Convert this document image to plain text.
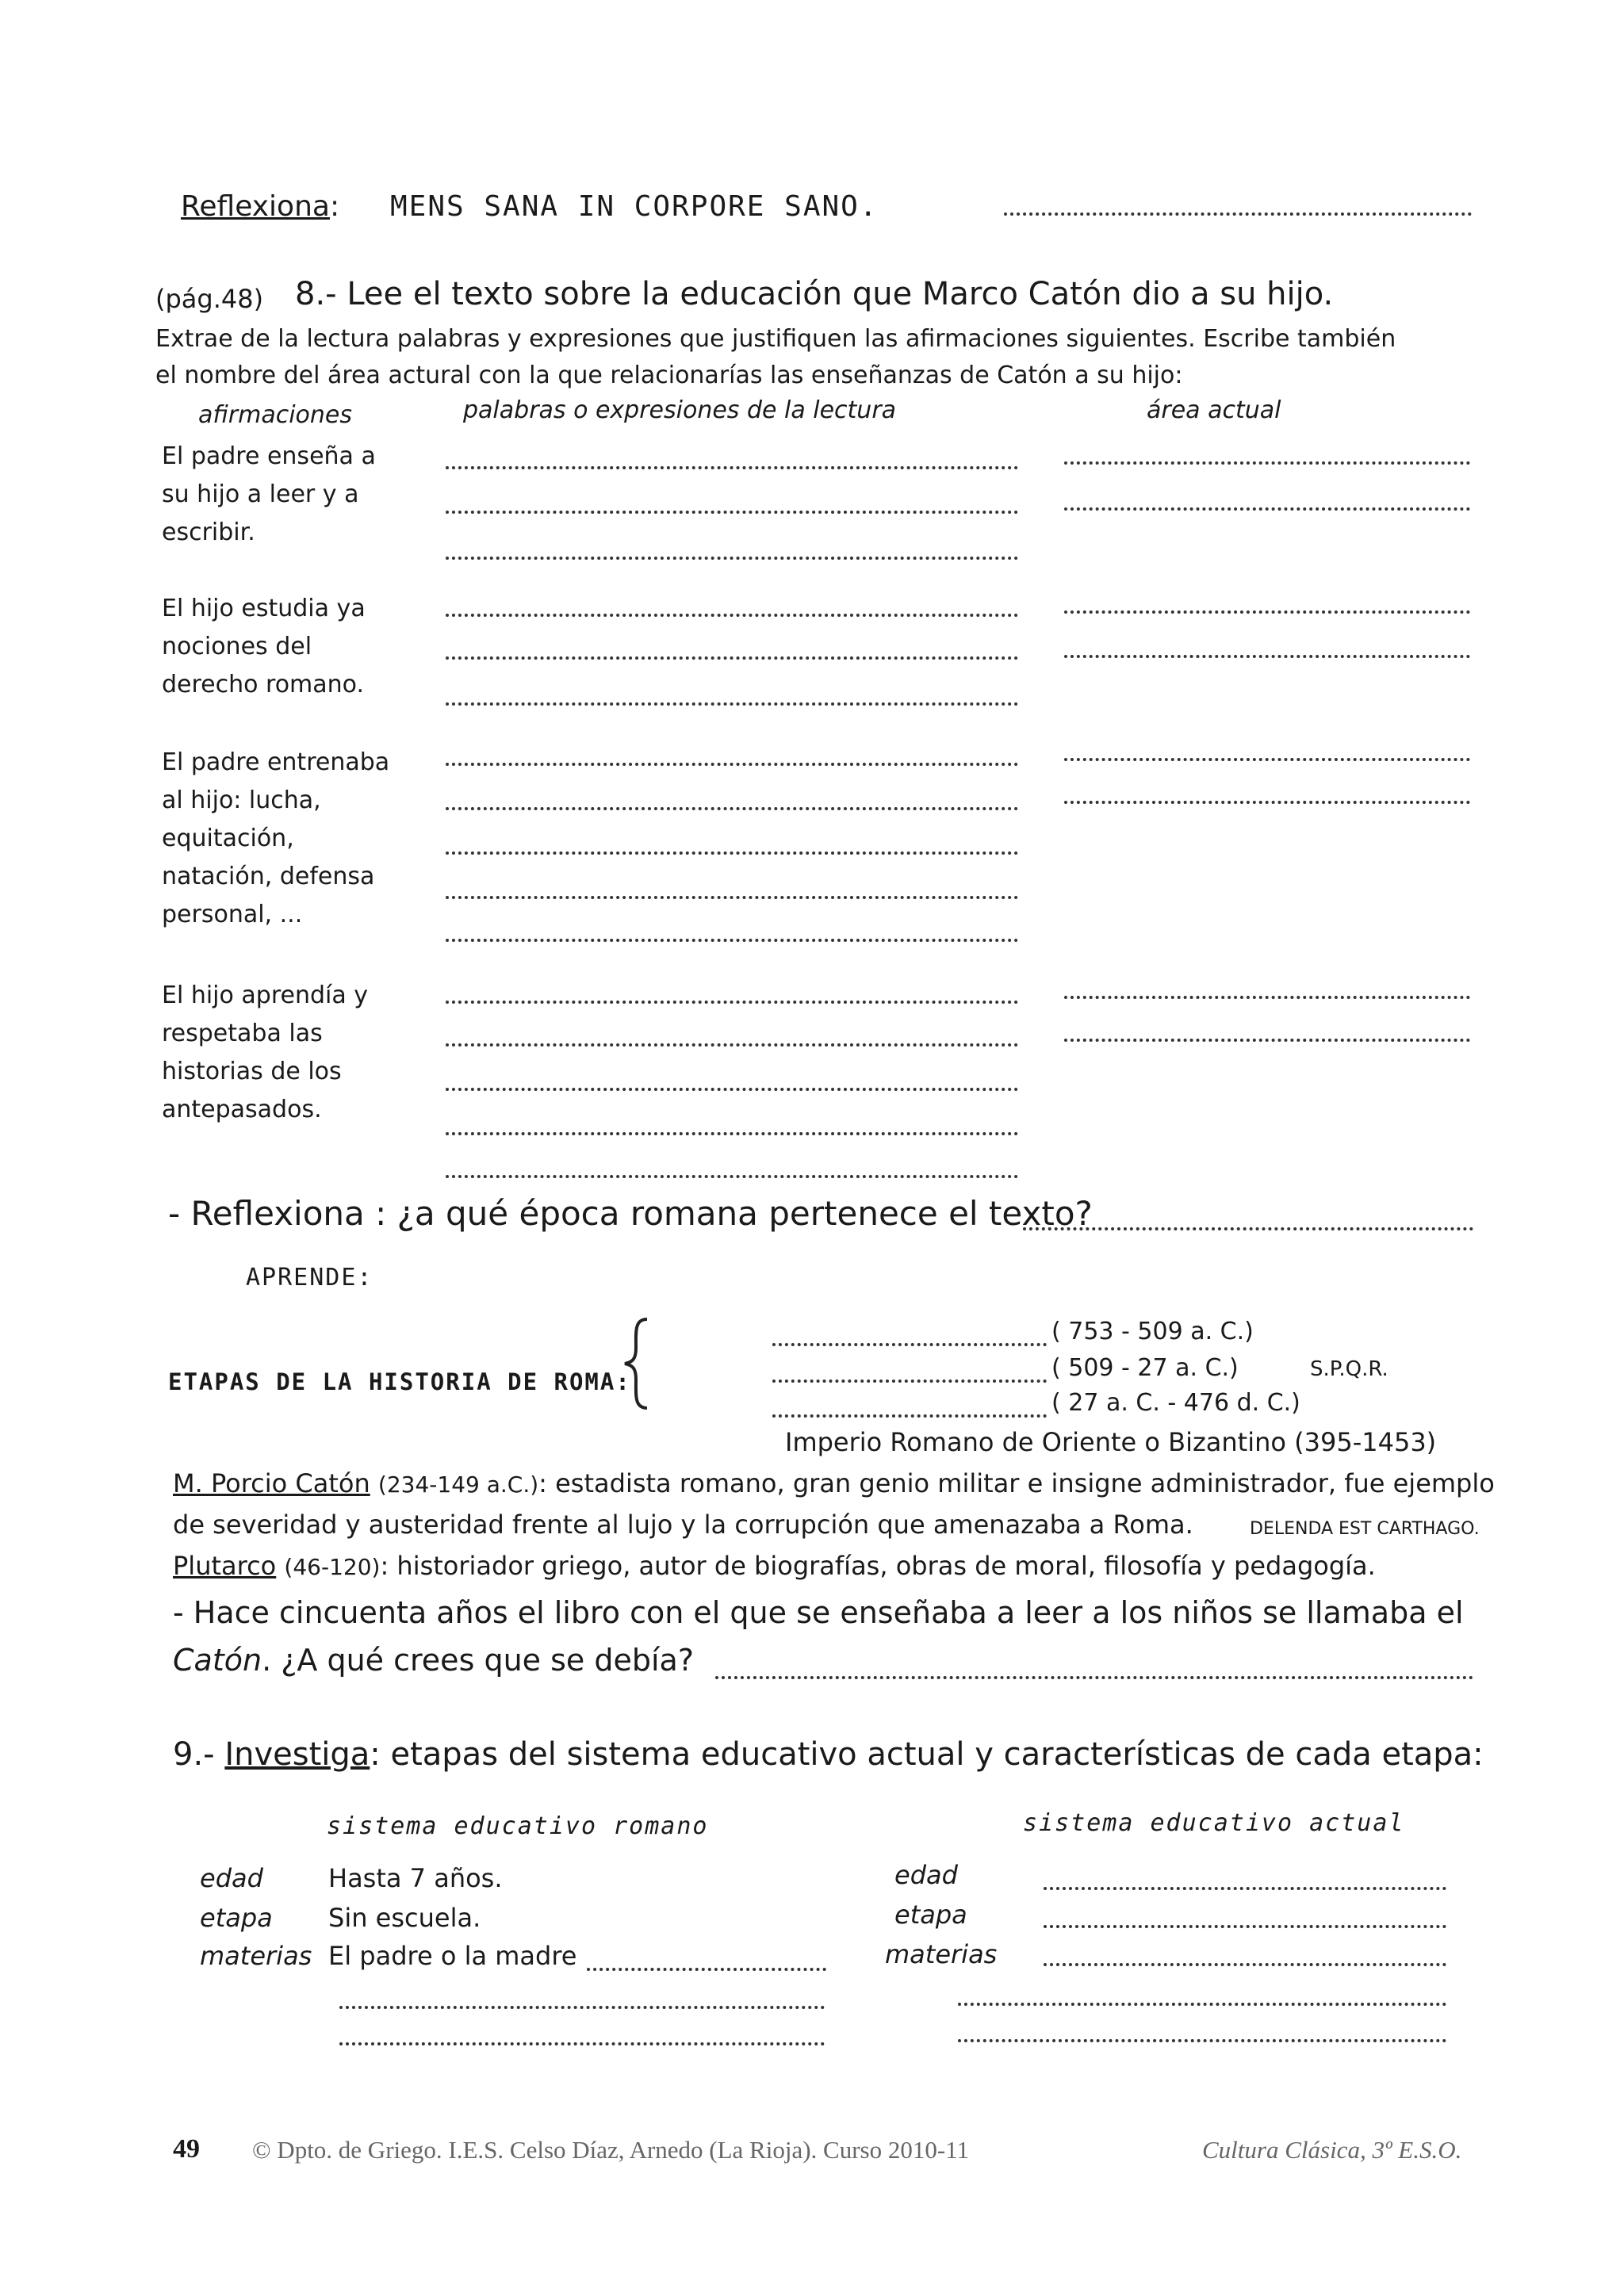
Reflexiona: MENS SANA IN CORPORE SANO.
(pág.48) 8.- Lee el texto sobre la educación que Marco Catón dio a su hijo.
Extrae de la lectura palabras y expresiones que justifiquen las afirmaciones siguientes. Escribe también
el nombre del área actural con la que relacionarías las enseñanzas de Catón a su hijo:
afirmaciones	palabras o expresiones de la lectura	área actual
El padre enseña a
su hijo a leer y a
escribir.
El hijo estudia ya
nociones del
derecho romano.
El padre entrenaba
al hijo: lucha,
equitación,
natación, defensa
personal, ...
El hijo aprendía y
respetaba las
historias de los
antepasados.
- Reflexiona : ¿a qué época romana pertenece el texto?
APRENDE:
ETAPAS DE LA HISTORIA DE ROMA:
( 753 - 509 a. C.)
( 509 - 27 a. C.)	S.P.Q.R.
( 27 a. C. - 476 d. C.)
Imperio Romano de Oriente o Bizantino (395-1453)
M. Porcio Catón (234-149 a.C.): estadista romano, gran genio militar e insigne administrador, fue ejemplo
de severidad y austeridad frente al lujo y la corrupción que amenazaba a Roma.	DELENDA EST CARTHAGO.
Plutarco (46-120): historiador griego, autor de biografías, obras de moral, filosofía y pedagogía.
- Hace cincuenta años el libro con el que se enseñaba a leer a los niños se llamaba el
Catón. ¿A qué crees que se debía?
9.- Investiga: etapas del sistema educativo actual y características de cada etapa:
sistema educativo romano	sistema educativo actual
edad	Hasta 7 años.	edad
etapa Sin escuela.	etapa
materias El padre o la madre	materias
49 © Dpto. de Griego. I.E.S. Celso Díaz, Arnedo (La Rioja). Curso 2010-11	Cultura Clásica, 3º E.S.O.
